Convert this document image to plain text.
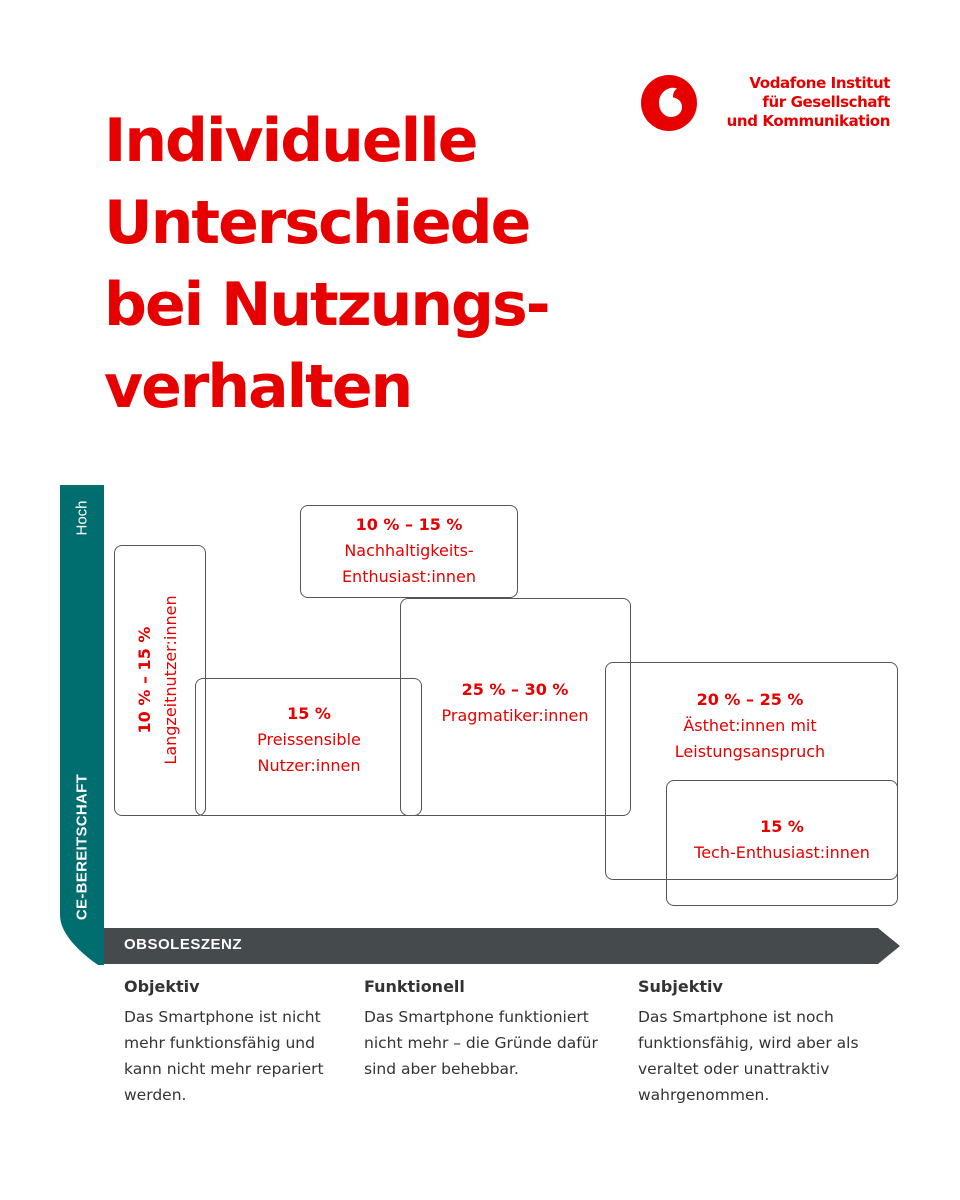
Individuelle
Unterschiede
bei Nutzungs-
verhalten
Vodafone Institut
für Gesellschaft
und Kommunikation
CE-BEREITSCHAFT
Hoch
OBSOLESZENZ
10 % – 15 % Langzeitnutzer:innen
10 % – 15 %
Nachhaltigkeits-
Enthusiast:innen
15 %
Preissensible
Nutzer:innen
25 % – 30 %
Pragmatiker:innen
20 % – 25 %
Ästhet:innen mit
Leistungsanspruch
15 %
Tech-Enthusiast:innen

Objektiv

Das Smartphone ist nicht
mehr funktionsfähig und
kann nicht mehr repariert
werden.

Funktionell

Das Smartphone funktioniert
nicht mehr – die Gründe dafür
sind aber behebbar.

Subjektiv

Das Smartphone ist noch
funktionsfähig, wird aber als
veraltet oder unattraktiv
wahrgenommen.
